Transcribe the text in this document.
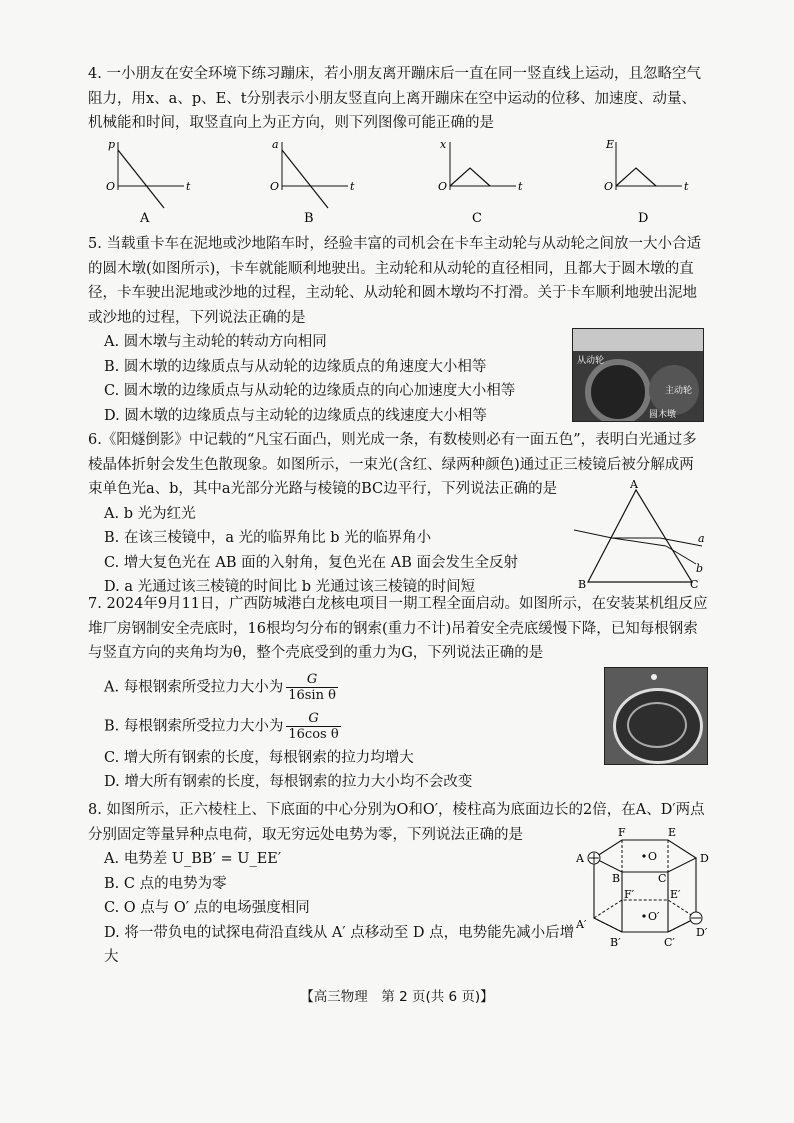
4. 一小朋友在安全环境下练习蹦床，若小朋友离开蹦床后一直在同一竖直线上运动，且忽略空气阻力，用x、a、p、E、t分别表示小朋友竖直向上离开蹦床在空中运动的位移、加速度、动量、机械能和时间，取竖直向上为正方向，则下列图像可能正确的是

p
t
O
A
a
t
O
B
x
t
O
C
E
t
O
D

5. 当载重卡车在泥地或沙地陷车时，经验丰富的司机会在卡车主动轮与从动轮之间放一大小合适的圆木墩(如图所示)，卡车就能顺利地驶出。主动轮和从动轮的直径相同，且都大于圆木墩的直径，卡车驶出泥地或沙地的过程，主动轮、从动轮和圆木墩均不打滑。关于卡车顺利地驶出泥地或沙地的过程，下列说法正确的是

A. 圆木墩与主动轮的转动方向相同

B. 圆木墩的边缘质点与从动轮的边缘质点的角速度大小相等

C. 圆木墩的边缘质点与从动轮的边缘质点的向心加速度大小相等

D. 圆木墩的边缘质点与主动轮的边缘质点的线速度大小相等

从动轮
主动轮
圆木墩

6.《阳燧倒影》中记载的“凡宝石面凸，则光成一条，有数棱则必有一面五色”，表明白光通过多棱晶体折射会发生色散现象。如图所示，一束光(含红、绿两种颜色)通过正三棱镜后被分解成两束单色光a、b，其中a光部分光路与棱镜的BC边平行，下列说法正确的是

A. b 光为红光

B. 在该三棱镜中，a 光的临界角比 b 光的临界角小

C. 增大复色光在 AB 面的入射角，复色光在 AB 面会发生全反射

D. a 光通过该三棱镜的时间比 b 光通过该三棱镜的时间短

A
B	C
a
b

7. 2024年9月11日，广西防城港白龙核电项目一期工程全面启动。如图所示，在安装某机组反应堆厂房钢制安全壳底时，16根均匀分布的钢索(重力不计)吊着安全壳底缓慢下降，已知每根钢索与竖直方向的夹角均为θ，整个壳底受到的重力为G，下列说法正确的是

A. 每根钢索所受拉力大小为 $\frac{G}{\text{16sin θ}}$

B. 每根钢索所受拉力大小为 $\frac{G}{\text{16cos θ}}$

C. 增大所有钢索的长度，每根钢索的拉力均增大

D. 增大所有钢索的长度，每根钢索的拉力大小均不会改变

8. 如图所示，正六棱柱上、下底面的中心分别为O和O′，棱柱高为底面边长的2倍，在A、D′两点分别固定等量异种点电荷，取无穷远处电势为零，下列说法正确的是

A. 电势差 U_BB′ = U_EE′

B. C 点的电势为零

C. O 点与 O′ 点的电场强度相同

D. 将一带负电的试探电荷沿直线从 A′ 点移动至 D 点，电势能先减小后增大

A
F
D
E
B	C
O
F′	E′
A′
B′	C′
D′
O′
【高三物理　第 2 页(共 6 页)】
